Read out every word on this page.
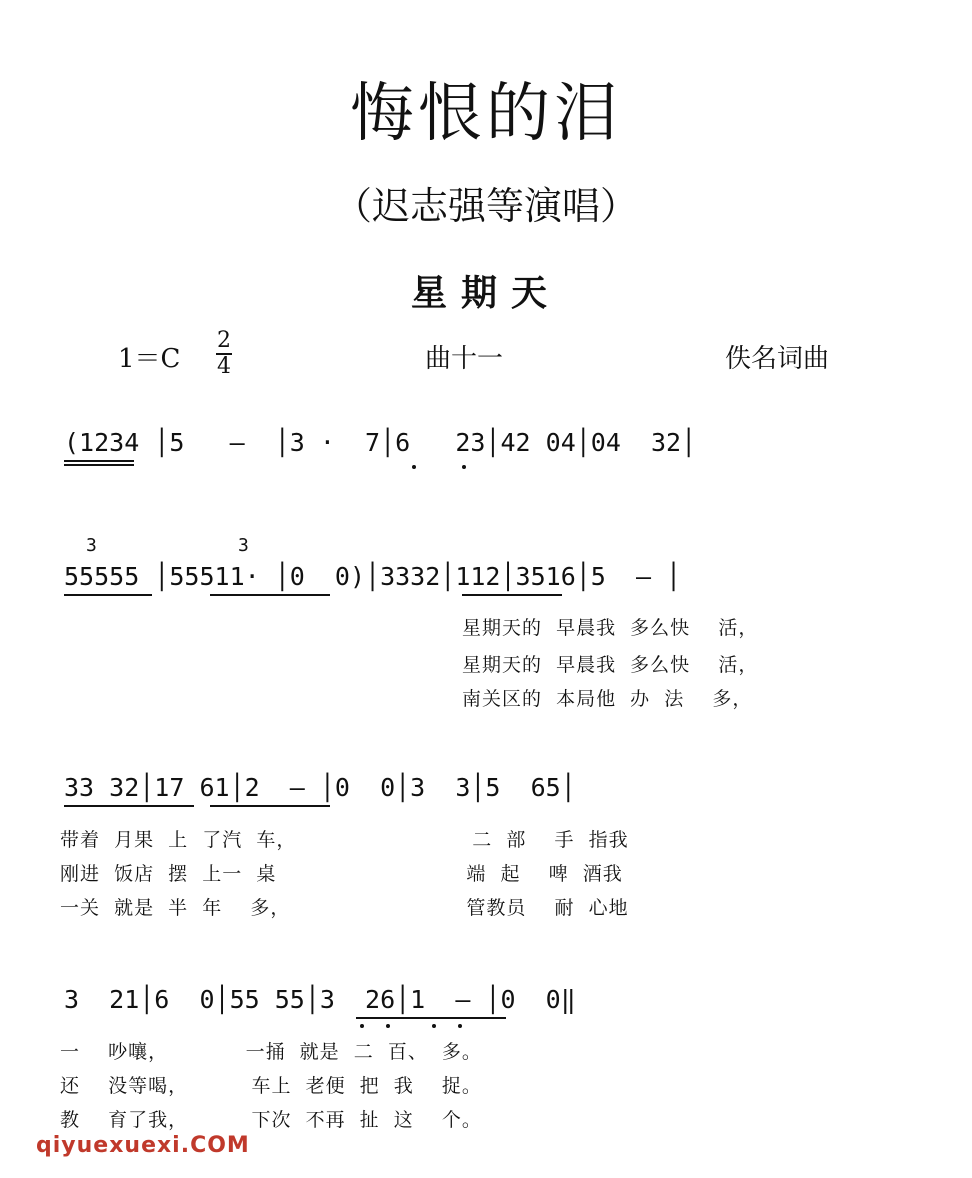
悔恨的泪
（迟志强等演唱）
星期天
1＝C
2
4	曲十一	佚名词曲
(1234 │5   —  │3 ·  7│6   23│42 04│04  32│
3	3
55555 │55511· │0  0)│3332│112│3516│5  — │
星期天的  早晨我  多么快    活，
星期天的  早晨我  多么快    活，
南关区的  本局他  办  法    多，
33 32│17 61│2  — │0  0│3  3│5  65│
带着  月果  上  了汽  车，                         二  部    手  指我
刚进  饭店  摆  上一  桌                           端  起    啤  酒我
一关  就是  半  年    多，                         管教员    耐  心地
3  21│6  0│55 55│3  26│1  — │0  0‖
一    吵嚷，           一捅  就是  二  百、  多。
还    没等喝，         车上  老便  把  我    捉。
教    育了我，         下次  不再  扯  这    个。
qiyuexuexi.COM
